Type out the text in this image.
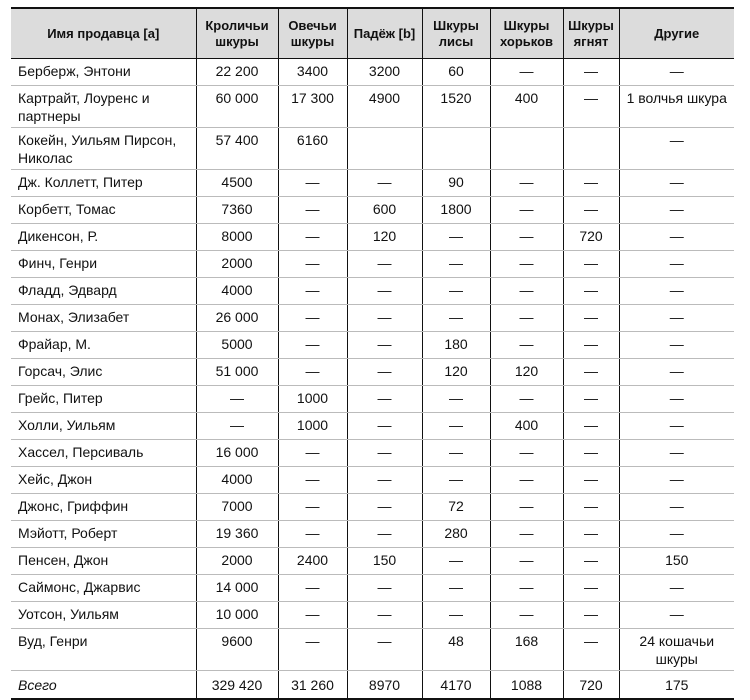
Имя продавца [a]	Кроличьи шкуры	Овечьи шкуры	Падёж [b]	Шкуры лисы	Шкуры хорьков	Шкуры ягнят	Другие
Берберж, Энтони	22 200	3400	3200	60	—	—	—
Картрайт, Лоуренс и партнеры	60 000	17 300	4900	1520	400	—	1 волчья шкура
Кокейн, Уильям Пирсон, Николас	57 400	6160					—
Дж. Коллетт, Питер	4500	—	—	90	—	—	—
Корбетт, Томас	7360	—	600	1800	—	—	—
Дикенсон, Р.	8000	—	120	—	—	720	—
Финч, Генри	2000	—	—	—	—	—	—
Фладд, Эдвард	4000	—	—	—	—	—	—
Монах, Элизабет	26 000	—	—	—	—	—	—
Фрайар, М.	5000	—	—	180	—	—	—
Горсач, Элис	51 000	—	—	120	120	—	—
Грейс, Питер	—	1000	—	—	—	—	—
Холли, Уильям	—	1000	—	—	400	—	—
Хассел, Персиваль	16 000	—	—	—	—	—	—
Хейс, Джон	4000	—	—	—	—	—	—
Джонс, Гриффин	7000	—	—	72	—	—	—
Мэйотт, Роберт	19 360	—	—	280	—	—	—
Пенсен, Джон	2000	2400	150	—	—	—	150
Саймонс, Джарвис	14 000	—	—	—	—	—	—
Уотсон, Уильям	10 000	—	—	—	—	—	—
Вуд, Генри	9600	—	—	48	168	—	24 кошачьи шкуры
Всего	329 420	31 260	8970	4170	1088	720	175
